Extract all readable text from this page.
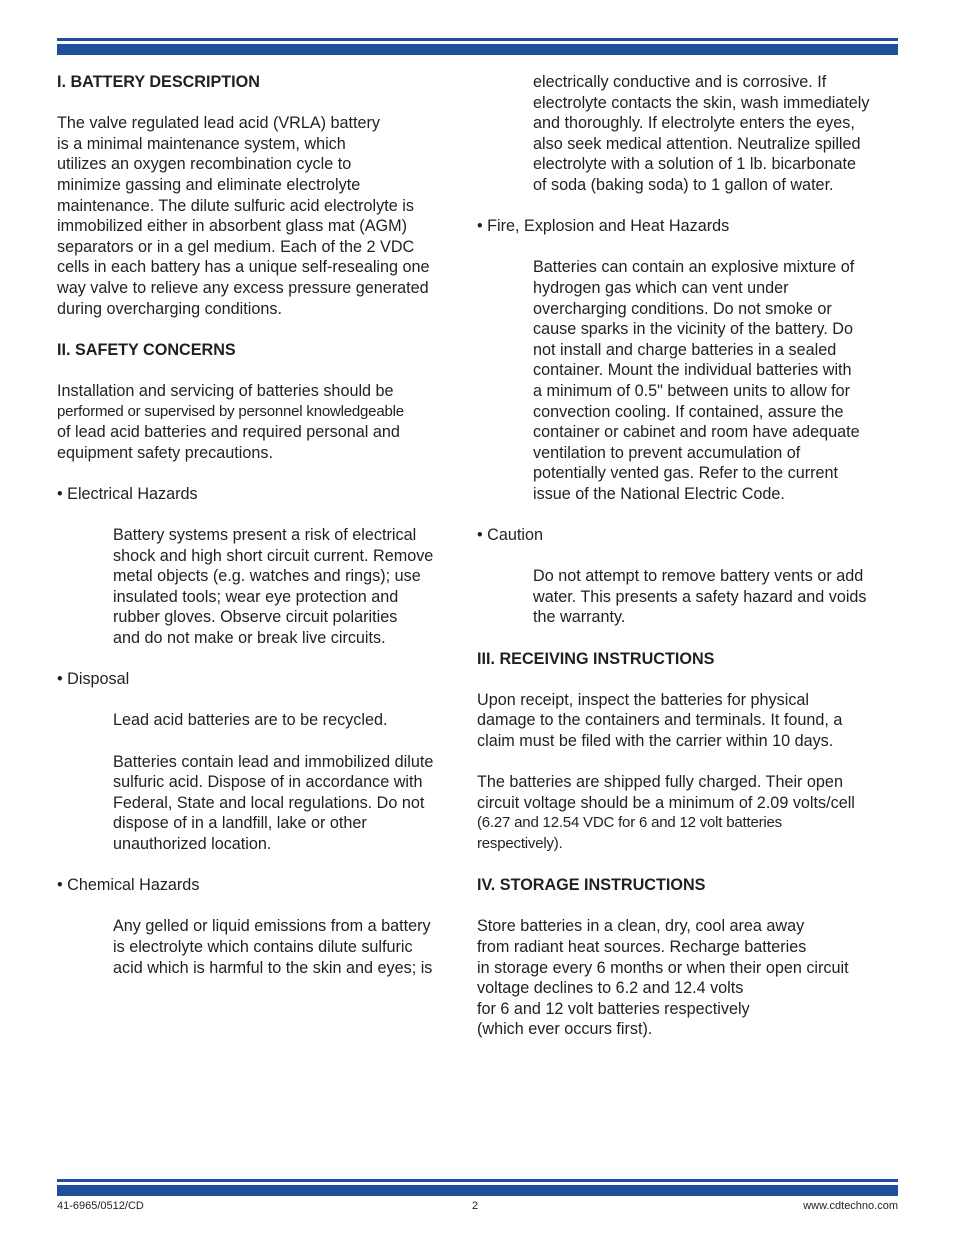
I. BATTERY DESCRIPTION
The valve regulated lead acid (VRLA) battery
is a minimal maintenance system, which
utilizes an oxygen recombination cycle to
minimize gassing and eliminate electrolyte
maintenance. The dilute sulfuric acid electrolyte is
immobilized either in absorbent glass mat (AGM)
separators or in a gel medium. Each of the 2 VDC
cells in each battery has a unique self-resealing one
way valve to relieve any excess pressure generated
during overcharging conditions.
II. SAFETY CONCERNS
Installation and servicing of batteries should be
performed or supervised by personnel knowledgeable
of lead acid batteries and required personal and
equipment safety precautions.
• Electrical Hazards
Battery systems present a risk of electrical
shock and high short circuit current. Remove
metal objects (e.g. watches and rings); use
insulated tools; wear eye protection and
rubber gloves. Observe circuit polarities
and do not make or break live circuits.
• Disposal
Lead acid batteries are to be recycled.
Batteries contain lead and immobilized dilute
sulfuric acid. Dispose of in accordance with
Federal, State and local regulations. Do not
dispose of in a landfill, lake or other
unauthorized location.
• Chemical Hazards
Any gelled or liquid emissions from a battery
is electrolyte which contains dilute sulfuric
acid which is harmful to the skin and eyes; is
electrically conductive and is corrosive. If
electrolyte contacts the skin, wash immediately
and thoroughly. If electrolyte enters the eyes,
also seek medical attention. Neutralize spilled
electrolyte with a solution of 1 lb. bicarbonate
of soda (baking soda) to 1 gallon of water.
• Fire, Explosion and Heat Hazards
Batteries can contain an explosive mixture of
hydrogen gas which can vent under
overcharging conditions. Do not smoke or
cause sparks in the vicinity of the battery. Do
not install and charge batteries in a sealed
container. Mount the individual batteries with
a minimum of 0.5" between units to allow for
convection cooling. If contained, assure the
container or cabinet and room have adequate
ventilation to prevent accumulation of
potentially vented gas. Refer to the current
issue of the National Electric Code.
• Caution
Do not attempt to remove battery vents or add
water. This presents a safety hazard and voids
the warranty.
III. RECEIVING INSTRUCTIONS
Upon receipt, inspect the batteries for physical
damage to the containers and terminals. It found, a
claim must be filed with the carrier within 10 days.
The batteries are shipped fully charged. Their open
circuit voltage should be a minimum of 2.09 volts/cell
(6.27 and 12.54 VDC for 6 and 12 volt batteries
respectively).
IV. STORAGE INSTRUCTIONS
Store batteries in a clean, dry, cool area away
from radiant heat sources. Recharge batteries
in storage every 6 months or when their open circuit
voltage declines to 6.2 and 12.4 volts
for 6 and 12 volt batteries respectively
(which ever occurs first).
41-6965/0512/CD	2	www.cdtechno.com
